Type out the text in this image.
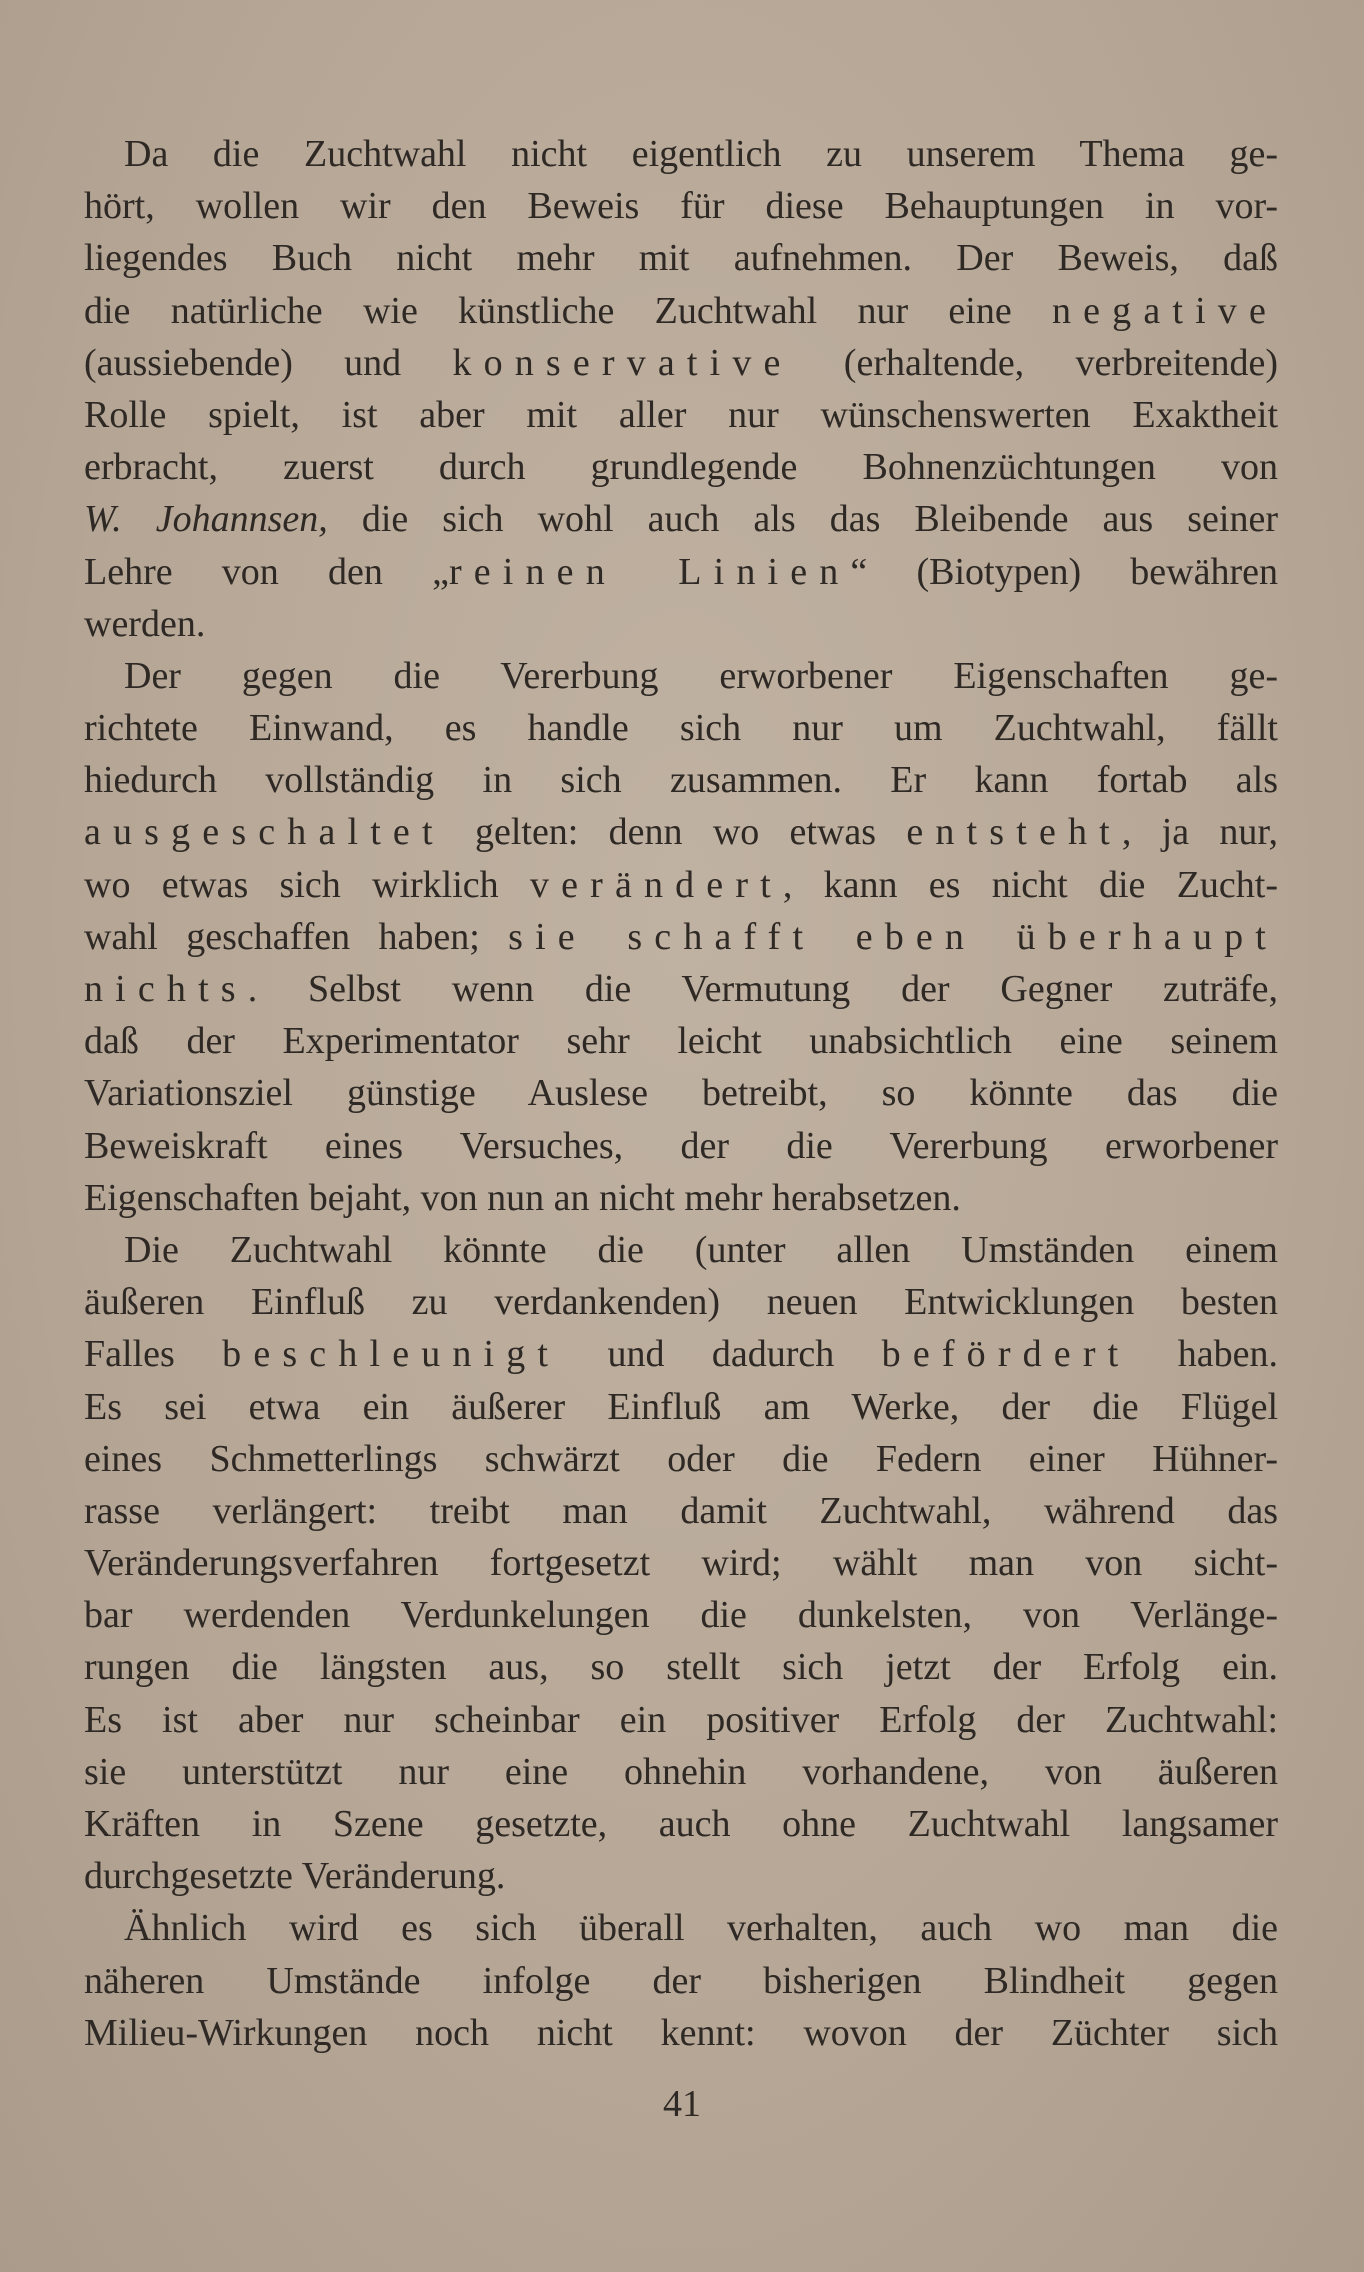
Da die Zuchtwahl nicht eigentlich zu unserem Thema ge-
hört, wollen wir den Beweis für diese Behauptungen in vor-
liegendes Buch nicht mehr mit aufnehmen. Der Beweis, daß
die natürliche wie künstliche Zuchtwahl nur eine negative
(aussiebende) und konservative (erhaltende, verbreitende)
Rolle spielt, ist aber mit aller nur wünschenswerten Exaktheit
erbracht, zuerst durch grundlegende Bohnenzüchtungen von
W. Johannsen, die sich wohl auch als das Bleibende aus seiner
Lehre von den „reinen Linien“ (Biotypen) bewähren
werden.
Der gegen die Vererbung erworbener Eigenschaften ge-
richtete Einwand, es handle sich nur um Zuchtwahl, fällt
hiedurch vollständig in sich zusammen. Er kann fortab als
ausgeschaltet gelten: denn wo etwas entsteht, ja nur,
wo etwas sich wirklich verändert, kann es nicht die Zucht-
wahl geschaffen haben; sie schafft eben überhaupt
nichts. Selbst wenn die Vermutung der Gegner zuträfe,
daß der Experimentator sehr leicht unabsichtlich eine seinem
Variationsziel günstige Auslese betreibt, so könnte das die
Beweiskraft eines Versuches, der die Vererbung erworbener
Eigenschaften bejaht, von nun an nicht mehr herabsetzen.
Die Zuchtwahl könnte die (unter allen Umständen einem
äußeren Einfluß zu verdankenden) neuen Entwicklungen besten
Falles beschleunigt und dadurch befördert haben.
Es sei etwa ein äußerer Einfluß am Werke, der die Flügel
eines Schmetterlings schwärzt oder die Federn einer Hühner-
rasse verlängert: treibt man damit Zuchtwahl, während das
Veränderungsverfahren fortgesetzt wird; wählt man von sicht-
bar werdenden Verdunkelungen die dunkelsten, von Verlänge-
rungen die längsten aus, so stellt sich jetzt der Erfolg ein.
Es ist aber nur scheinbar ein positiver Erfolg der Zuchtwahl:
sie unterstützt nur eine ohnehin vorhandene, von äußeren
Kräften in Szene gesetzte, auch ohne Zuchtwahl langsamer
durchgesetzte Veränderung.
Ähnlich wird es sich überall verhalten, auch wo man die
näheren Umstände infolge der bisherigen Blindheit gegen
Milieu-Wirkungen noch nicht kennt: wovon der Züchter sich
41
